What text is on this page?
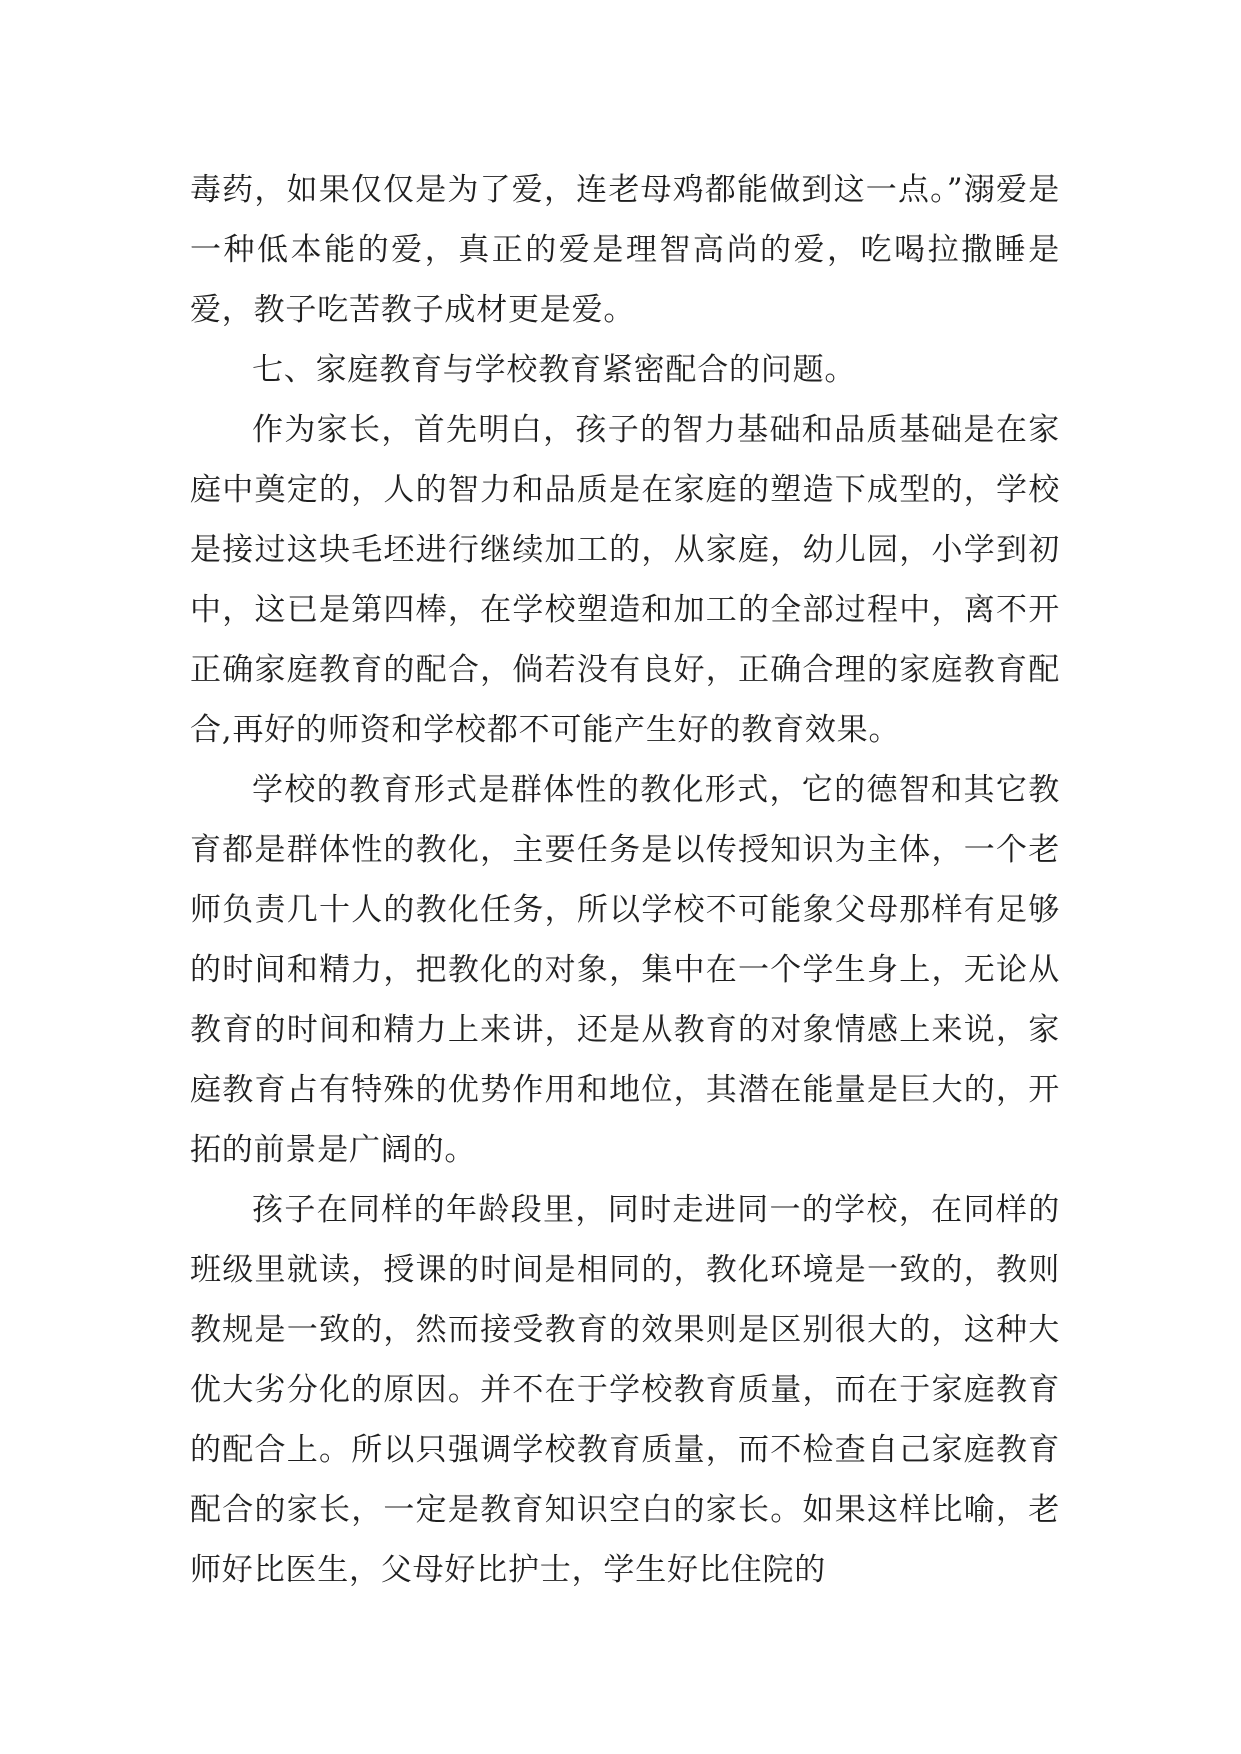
毒药，如果仅仅是为了爱，连老母鸡都能做到这一点。”溺爱是一种低本能的爱，真正的爱是理智高尚的爱，吃喝拉撒睡是爱，教子吃苦教子成材更是爱。

七、家庭教育与学校教育紧密配合的问题。

作为家长，首先明白，孩子的智力基础和品质基础是在家庭中奠定的，人的智力和品质是在家庭的塑造下成型的，学校是接过这块毛坯进行继续加工的，从家庭，幼儿园，小学到初中，这已是第四棒，在学校塑造和加工的全部过程中，离不开正确家庭教育的配合，倘若没有良好，正确合理的家庭教育配合,再好的师资和学校都不可能产生好的教育效果。

学校的教育形式是群体性的教化形式，它的德智和其它教育都是群体性的教化，主要任务是以传授知识为主体，一个老师负责几十人的教化任务，所以学校不可能象父母那样有足够的时间和精力，把教化的对象，集中在一个学生身上，无论从教育的时间和精力上来讲，还是从教育的对象情感上来说，家庭教育占有特殊的优势作用和地位，其潜在能量是巨大的，开拓的前景是广阔的。

孩子在同样的年龄段里，同时走进同一的学校，在同样的班级里就读，授课的时间是相同的，教化环境是一致的，教则教规是一致的，然而接受教育的效果则是区别很大的，这种大优大劣分化的原因。并不在于学校教育质量，而在于家庭教育的配合上。所以只强调学校教育质量，而不检查自己家庭教育配合的家长，一定是教育知识空白的家长。如果这样比喻，老师好比医生，父母好比护士，学生好比住院的
